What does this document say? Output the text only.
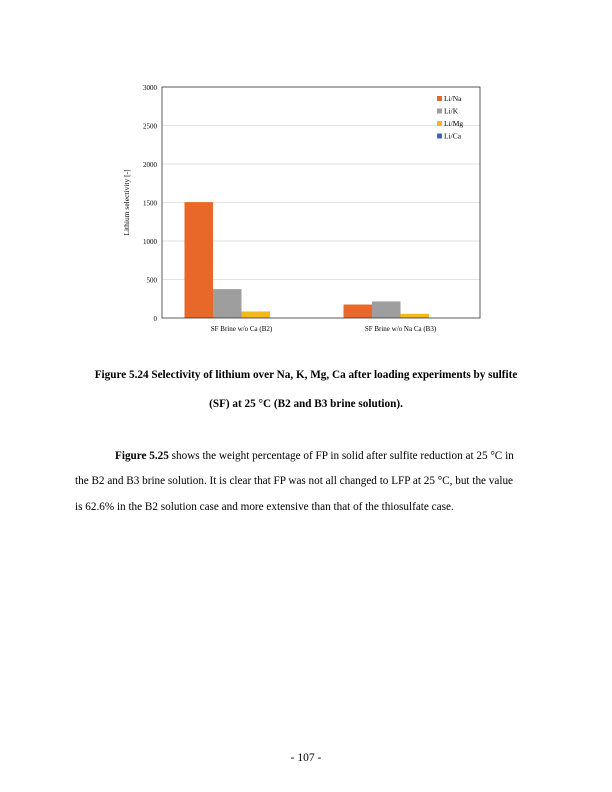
0
500
1000
1500
2000
2500
3000
SF Brine w/o Ca (B2)	SF Brine w/o Na Ca (B3)
Lithium selectivity [-]
Li/Na
Li/K
Li/Mg
Li/Ca
Figure 5.24 Selectivity of lithium over Na, K, Mg, Ca after loading experiments by sulfite
(SF) at 25 °C (B2 and B3 brine solution).
Figure 5.25 shows the weight percentage of FP in solid after sulfite reduction at 25 °C in
the B2 and B3 brine solution. It is clear that FP was not all changed to LFP at 25 °C, but the value
is 62.6% in the B2 solution case and more extensive than that of the thiosulfate case.
- 107 -
